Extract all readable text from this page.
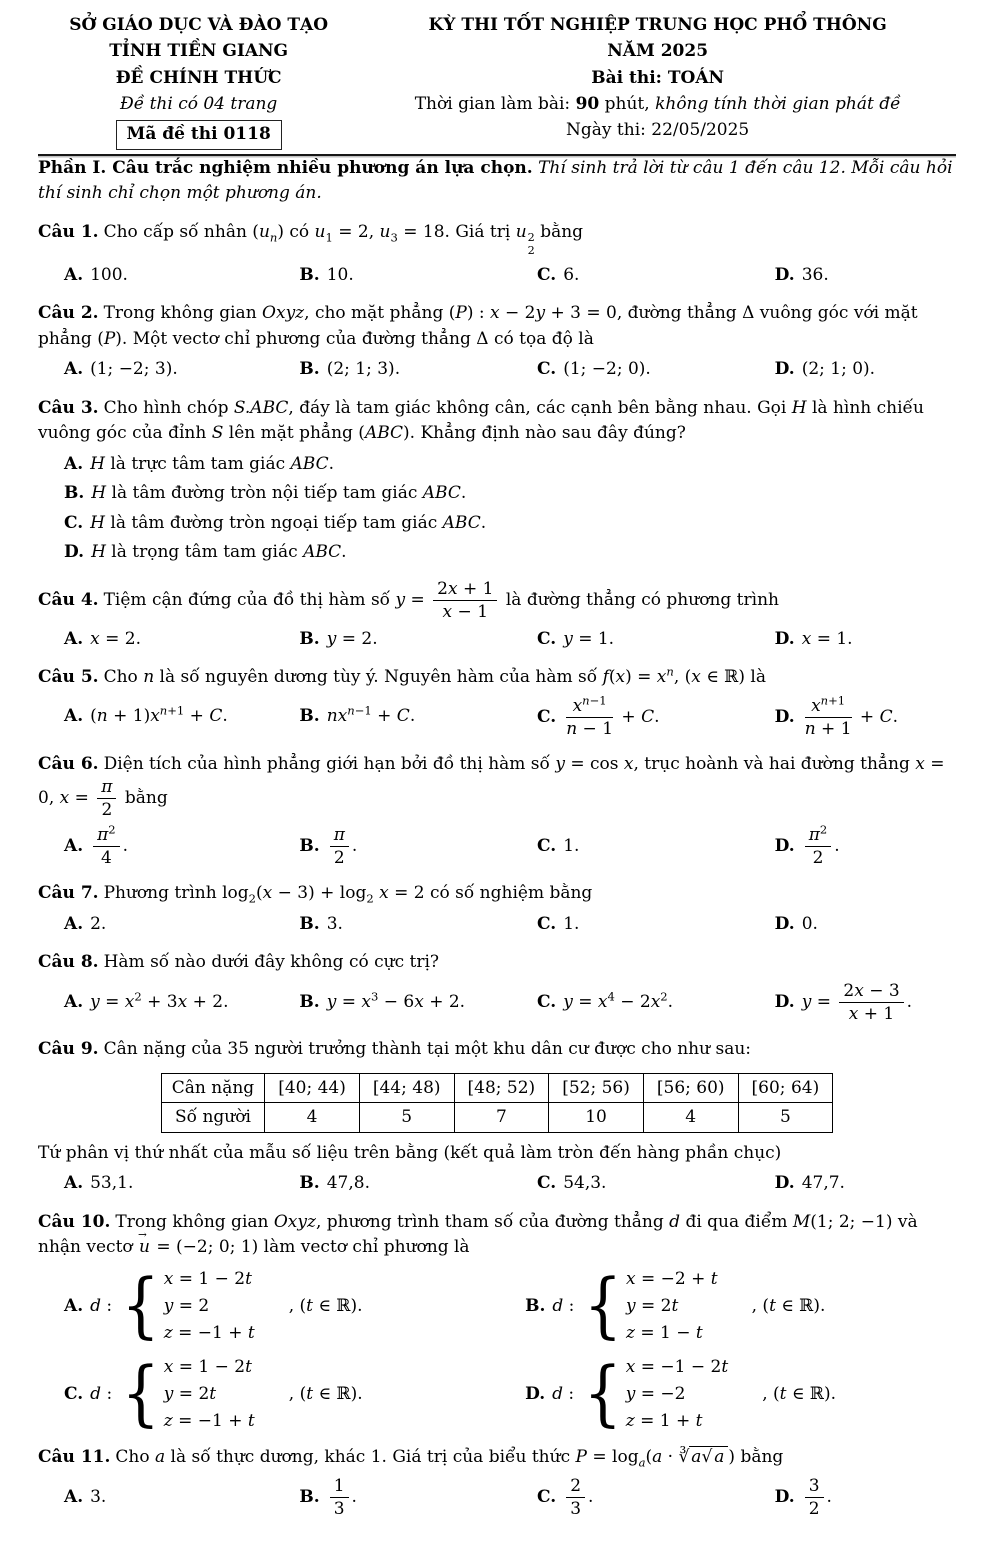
SỞ GIÁO DỤC VÀ ĐÀO TẠO
TỈNH TIỀN GIANG
ĐỀ CHÍNH THỨC
Đề thi có 04 trang
Mã đề thi 0118
KỲ THI TỐT NGHIỆP TRUNG HỌC PHỔ THÔNG
NĂM 2025
Bài thi: TOÁN
Thời gian làm bài: 90 phút, không tính thời gian phát đề
Ngày thi: 22/05/2025

Phần I. Câu trắc nghiệm nhiều phương án lựa chọn. Thí sinh trả lời từ câu 1 đến câu 12. Mỗi câu hỏi thí sinh chỉ chọn một phương án.

Câu 1. Cho cấp số nhân $(u_n)$ có $u_1 = 2$, $u_3 = 18$. Giá trị u 2
2
bằng

A. 100.	B. 10.	C. 6.	D. 36.

Câu 2. Trong không gian Oxyz, cho mặt phẳng (P) : x − 2y + 3 = 0, đường thẳng Δ vuông góc với mặt phẳng (P). Một vectơ chỉ phương của đường thẳng Δ có tọa độ là

A. (1; −2; 3).	B. (2; 1; 3).	C. (1; −2; 0).	D. (2; 1; 0).

Câu 3. Cho hình chóp S.ABC, đáy là tam giác không cân, các cạnh bên bằng nhau. Gọi H là hình chiếu vuông góc của đỉnh S lên mặt phẳng (ABC). Khẳng định nào sau đây đúng?

A. H là trực tâm tam giác ABC.
B. H là tâm đường tròn nội tiếp tam giác ABC.
C. H là tâm đường tròn ngoại tiếp tam giác ABC.
D. H là trọng tâm tam giác ABC.

Câu 4. Tiệm cận đứng của đồ thị hàm số $y = \frac{2x + 1}{x - 1}$ là đường thẳng có phương trình

A. x = 2.	B. y = 2.	C. y = 1.	D. x = 1.

Câu 5. Cho n là số nguyên dương tùy ý. Nguyên hàm của hàm số $f(x) = x^n$, (x ∈ ℝ) là

A. $(n + 1)x^{n+1} + C$.	B. $nx^{n-1} + C$.	C. $\frac{x^{n-1}}{n - 1} + C$.	D. $\frac{x^{n+1}}{n + 1} + C$.

Câu 6. Diện tích của hình phẳng giới hạn bởi đồ thị hàm số y = cos x, trục hoành và hai đường thẳng x = 0, $x = \frac{\pi}{2}$ bằng

A. $\frac{\pi^2}{4}$ .	B. $\frac{\pi}{2}$ .	C. 1.	D. $\frac{\pi^2}{2}$ .

Câu 7. Phương trình $\log_2(x - 3) + \log_2 x = 2$ có số nghiệm bằng

A. 2.	B. 3.	C. 1.	D. 0.

Câu 8. Hàm số nào dưới đây không có cực trị?

A. $y = x^2 + 3x + 2$.	B. $y = x^3 - 6x + 2$.	C. $y = x^4 - 2x^2$.	D. $y = \frac{2x - 3}{x + 1}$ .

Câu 9. Cân nặng của 35 người trưởng thành tại một khu dân cư được cho như sau:

Cân nặng	[40; 44)	[44; 48)	[48; 52)	[52; 56)	[56; 60)	[60; 64)
Số người	4	5	7	10	4	5

Tứ phân vị thứ nhất của mẫu số liệu trên bằng (kết quả làm tròn đến hàng phần chục)

A. 53,1.	B. 47,8.	C. 54,3.	D. 47,7.

Câu 10. Trong không gian Oxyz, phương trình tham số của đường thẳng d đi qua điểm M(1; 2; −1) và nhận vectơ → u = (−2; 0; 1) làm vectơ chỉ phương là

A. d : { x = 1 − 2t
y = 2
z = −1 + t
, (t ∈ ℝ).	B. d : { x = −2 + t
y = 2t
z = 1 − t
, (t ∈ ℝ).
C. d : { x = 1 − 2t
y = 2t
z = −1 + t
, (t ∈ ℝ).	D. d : { x = −1 − 2t
y = −2
z = 1 + t
, (t ∈ ℝ).

Câu 11. Cho a là số thực dương, khác 1. Giá trị của biểu thức $P = \log_a(a$ · ∛ a√ a ) bằng

A. 3.	B. $\frac{1}{3}$ .	C. $\frac{2}{3}$ .	D. $\frac{3}{2}$ .
